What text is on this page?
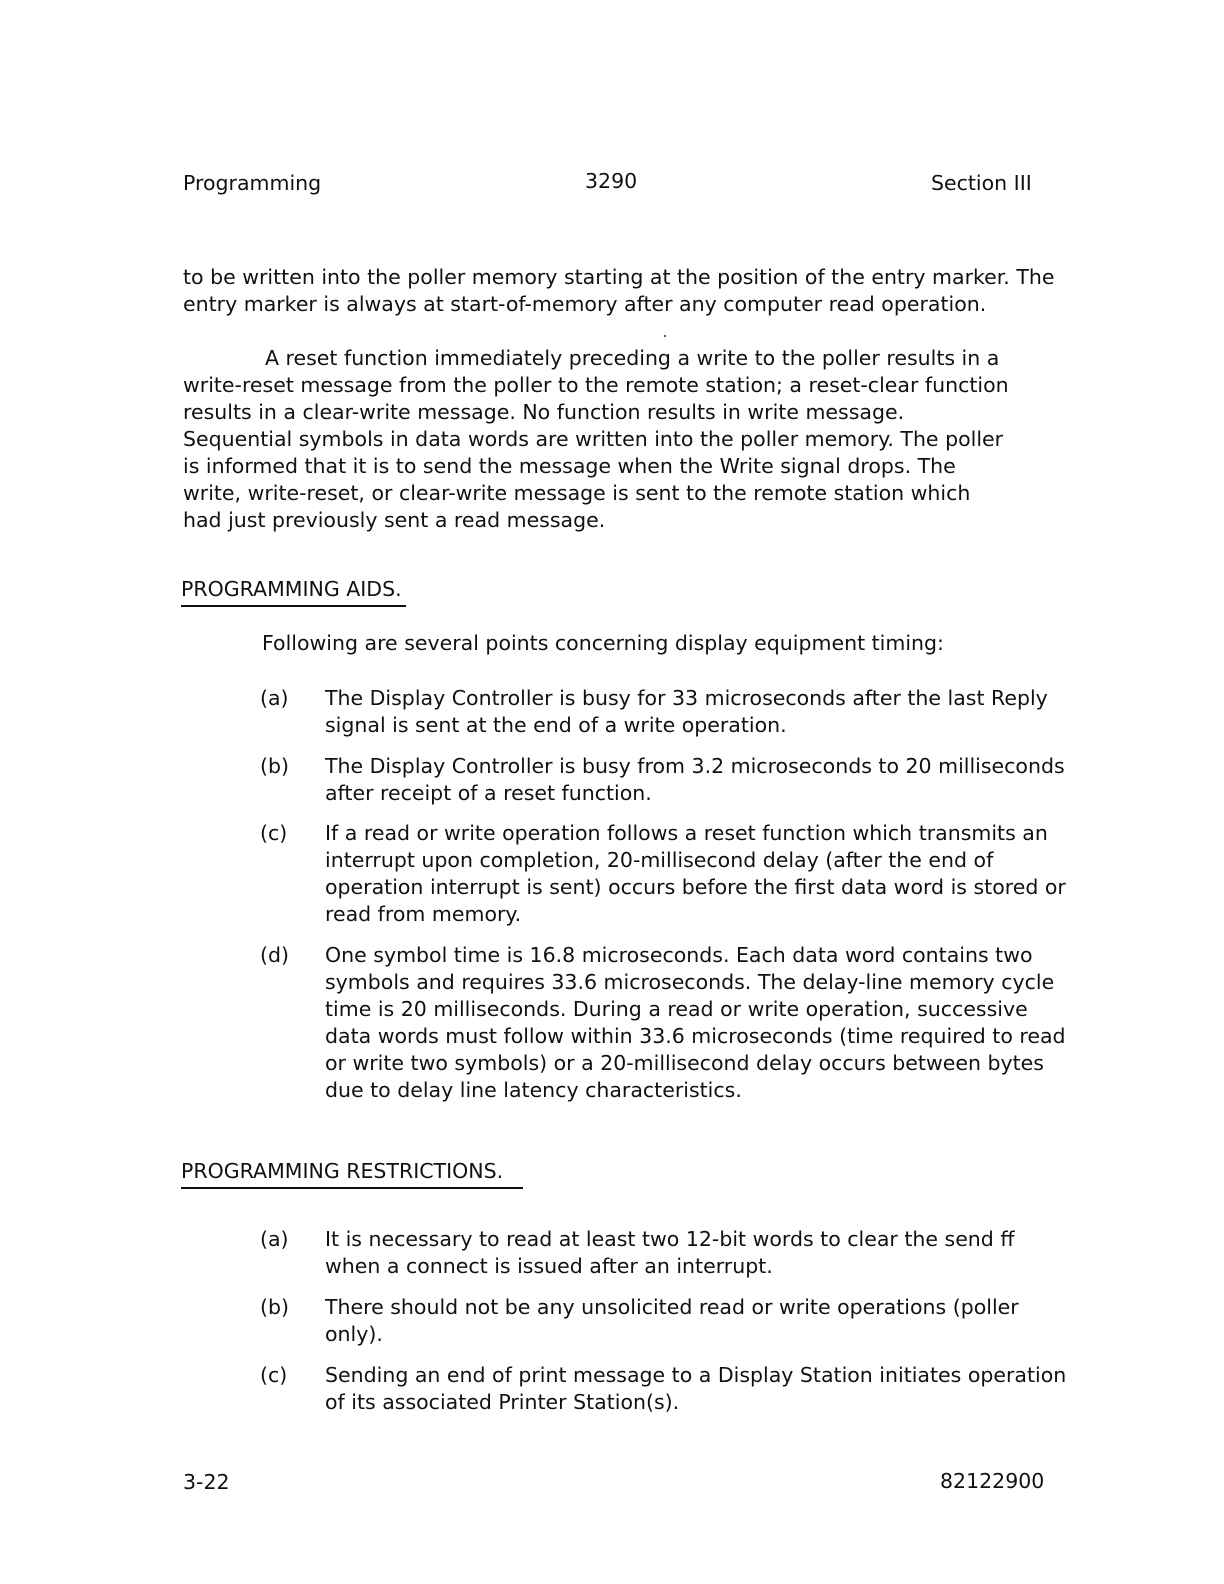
Programming	3290	Section III
to be written into the poller memory starting at the position of the entry marker. The entry marker is always at start-of-memory after any computer read operation.
A reset function immediately preceding a write to the poller results in a write-reset message from the poller to the remote station; a reset-clear function results in a clear-write message. No function results in write message. Sequential symbols in data words are written into the poller memory. The poller is informed that it is to send the message when the Write signal drops. The write, write-reset, or clear-write message is sent to the remote station which had just previously sent a read message.
PROGRAMMING AIDS.
Following are several points concerning display equipment timing:
(a)	The Display Controller is busy for 33 microseconds after the last Reply signal is sent at the end of a write operation.
(b)	The Display Controller is busy from 3.2 microseconds to 20 milliseconds after receipt of a reset function.
(c)	If a read or write operation follows a reset function which transmits an interrupt upon completion, 20-millisecond delay (after the end of operation interrupt is sent) occurs before the first data word is stored or read from memory.
(d)	One symbol time is 16.8 microseconds. Each data word contains two symbols and requires 33.6 microseconds. The delay-line memory cycle time is 20 milliseconds. During a read or write operation, successive data words must follow within 33.6 microseconds (time required to read or write two symbols) or a 20-millisecond delay occurs between bytes due to delay line latency characteristics.
PROGRAMMING RESTRICTIONS.
(a)	It is necessary to read at least two 12-bit words to clear the send ff when a connect is issued after an interrupt.
(b)	There should not be any unsolicited read or write operations (poller only).
(c)	Sending an end of print message to a Display Station initiates operation of its associated Printer Station(s).
3-22	82122900
